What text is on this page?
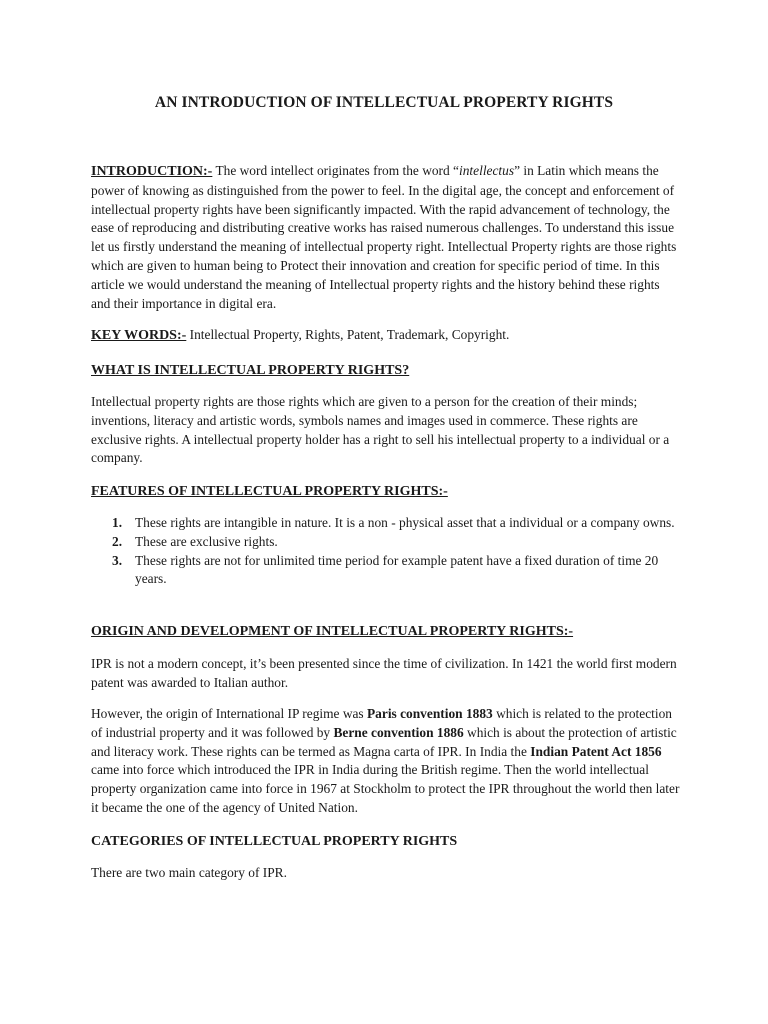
AN INTRODUCTION OF INTELLECTUAL PROPERTY RIGHTS
INTRODUCTION:- The word intellect originates from the word “intellectus” in Latin which means the power of knowing as distinguished from the power to feel. In the digital age, the concept and enforcement of intellectual property rights have been significantly impacted. With the rapid advancement of technology, the ease of reproducing and distributing creative works has raised numerous challenges. To understand this issue let us firstly understand the meaning of intellectual property right. Intellectual Property rights are those rights which are given to human being to Protect their innovation and creation for specific period of time. In this article we would understand the meaning of Intellectual property rights and the history behind these rights and their importance in digital era.
KEY WORDS:- Intellectual Property, Rights, Patent, Trademark, Copyright.
WHAT IS INTELLECTUAL PROPERTY RIGHTS?
Intellectual property rights are those rights which are given to a person for the creation of their minds; inventions, literacy and artistic words, symbols names and images used in commerce. These rights are exclusive rights. A intellectual property holder has a right to sell his intellectual property to a individual or a company.
FEATURES OF INTELLECTUAL PROPERTY RIGHTS:-
1. These rights are intangible in nature. It is a non - physical asset that a individual or a company owns.
2. These are exclusive rights.
3. These rights are not for unlimited time period for example patent have a fixed duration of time 20 years.
ORIGIN AND DEVELOPMENT OF INTELLECTUAL PROPERTY RIGHTS:-
IPR is not a modern concept, it’s been presented since the time of civilization. In 1421 the world first modern patent was awarded to Italian author.
However, the origin of International IP regime was Paris convention 1883 which is related to the protection of industrial property and it was followed by Berne convention 1886 which is about the protection of artistic and literacy work. These rights can be termed as Magna carta of IPR. In India the Indian Patent Act 1856 came into force which introduced the IPR in India during the British regime. Then the world intellectual property organization came into force in 1967 at Stockholm to protect the IPR throughout the world then later it became the one of the agency of United Nation.
CATEGORIES OF INTELLECTUAL PROPERTY RIGHTS
There are two main category of IPR.
